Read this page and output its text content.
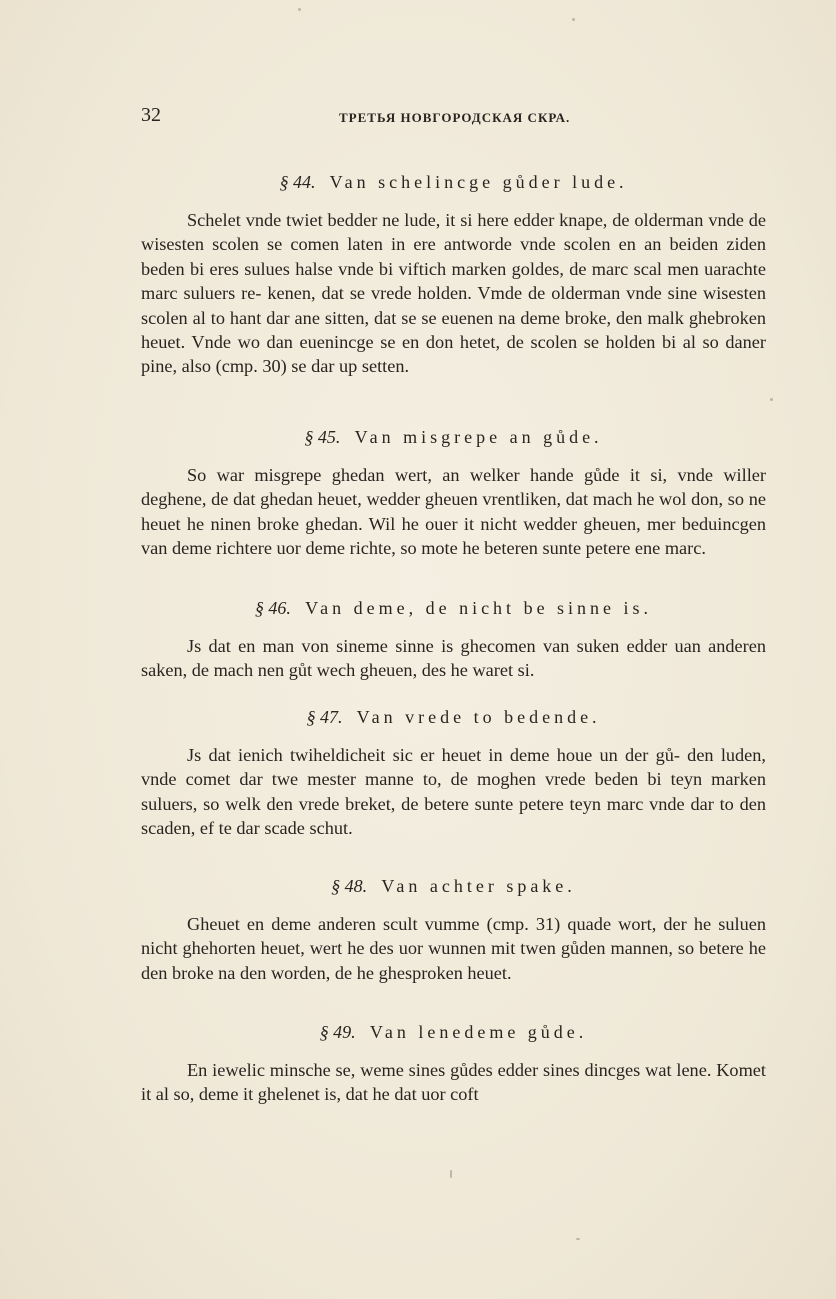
32	ТРЕТЬЯ НОВГОРОДСКАЯ СКРА.
§ 44. Van schelincge gůder lude.

Schelet vnde twiet bedder ne lude, it si here edder knape, de olderman vnde de wisesten scolen se comen laten in ere antworde vnde scolen en an beiden ziden beden bi eres sulues halse vnde bi viftich marken goldes, de marc scal men uarachte marc suluers re- kenen, dat se vrede holden. Vmde de olderman vnde sine wisesten scolen al to hant dar ane sitten, dat se se euenen na deme broke, den malk ghebroken heuet. Vnde wo dan euenincge se en don hetet, de scolen se holden bi al so daner pine, also (cmp. 30) se dar up setten.

§ 45. Van misgrepe an gůde.

So war misgrepe ghedan wert, an welker hande gůde it si, vnde willer deghene, de dat ghedan heuet, wedder gheuen vrentliken, dat mach he wol don, so ne heuet he ninen broke ghedan. Wil he ouer it nicht wedder gheuen, mer beduincgen van deme richtere uor deme richte, so mote he beteren sunte petere ene marc.

§ 46. Van deme, de nicht be sinne is.

Js dat en man von sineme sinne is ghecomen van suken edder uan anderen saken, de mach nen gůt wech gheuen, des he waret si.

§ 47. Van vrede to bedende.

Js dat ienich twiheldicheit sic er heuet in deme houe un der gů- den luden, vnde comet dar twe mester manne to, de moghen vrede beden bi teyn marken suluers, so welk den vrede breket, de betere sunte petere teyn marc vnde dar to den scaden, ef te dar scade schut.

§ 48. Van achter spake.

Gheuet en deme anderen scult vumme (cmp. 31) quade wort, der he suluen nicht ghehorten heuet, wert he des uor wunnen mit twen gůden mannen, so betere he den broke na den worden, de he ghesproken heuet.

§ 49. Van lenedeme gůde.

En iewelic minsche se, weme sines gůdes edder sines dincges wat lene. Komet it al so, deme it ghelenet is, dat he dat uor coft
